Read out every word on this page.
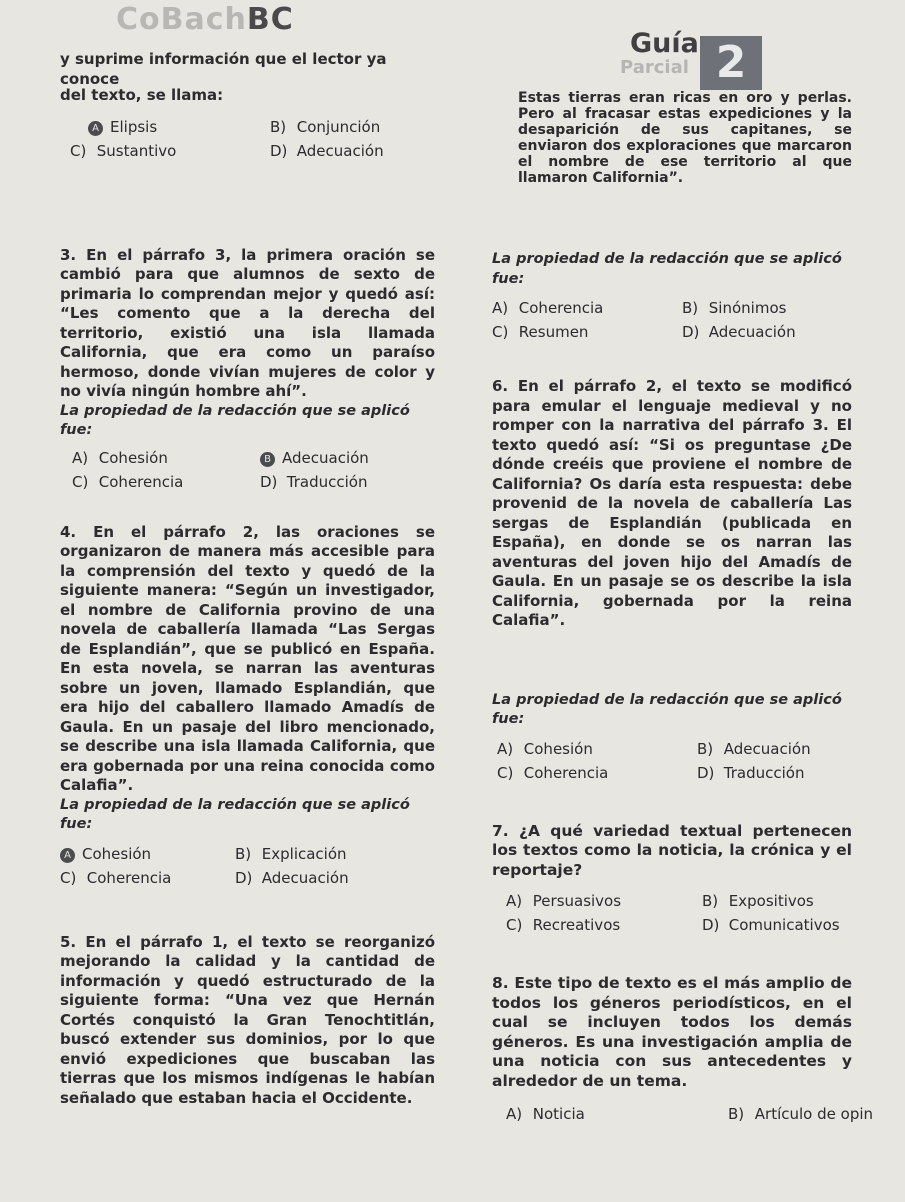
CoBachBC
Guía
Parcial 2

y suprime información que el lector ya conoce

del texto, se llama:

A Elipsis	B) Conjunción
C) Sustantivo	D) Adecuación

3. En el párrafo 3, la primera oración se cambió para que alumnos de sexto de primaria lo comprendan mejor y quedó así: “Les comento que a la derecha del territorio, existió una isla llamada California, que era como un paraíso hermoso, donde vivían mujeres de color y no vivía ningún hombre ahí”.

La propiedad de la redacción que se aplicó fue:

A) Cohesión	B Adecuación
C) Coherencia	D) Traducción

4. En el párrafo 2, las oraciones se organizaron de manera más accesible para la comprensión del texto y quedó de la siguiente manera: “Según un investigador, el nombre de California provino de una novela de caballería llamada “Las Sergas de Esplandián”, que se publicó en España. En esta novela, se narran las aventuras sobre un joven, llamado Esplandián, que era hijo del caballero llamado Amadís de Gaula. En un pasaje del libro mencionado, se describe una isla llamada California, que era gobernada por una reina conocida como Calafia”.

La propiedad de la redacción que se aplicó fue:

A Cohesión	B) Explicación
C) Coherencia	D) Adecuación

5. En el párrafo 1, el texto se reorganizó mejorando la calidad y la cantidad de información y quedó estructurado de la siguiente forma: “Una vez que Hernán Cortés conquistó la Gran Tenochtitlán, buscó extender sus dominios, por lo que envió expediciones que buscaban las tierras que los mismos indígenas le habían señalado que estaban hacia el Occidente.

Estas tierras eran ricas en oro y perlas. Pero al fracasar estas expediciones y la desaparición de sus capitanes, se enviaron dos exploraciones que marcaron el nombre de ese territorio al que llamaron California”.

La propiedad de la redacción que se aplicó fue:

A) Coherencia	B) Sinónimos
C) Resumen	D) Adecuación

6. En el párrafo 2, el texto se modificó para emular el lenguaje medieval y no romper con la narrativa del párrafo 3. El texto quedó así: “Si os preguntase ¿De dónde creéis que proviene el nombre de California? Os daría esta respuesta: debe provenid de la novela de caballería Las sergas de Esplandián (publicada en España), en donde se os narran las aventuras del joven hijo del Amadís de Gaula. En un pasaje se os describe la isla California, gobernada por la reina Calafia”.

La propiedad de la redacción que se aplicó fue:

A) Cohesión	B) Adecuación
C) Coherencia	D) Traducción

7. ¿A qué variedad textual pertenecen los textos como la noticia, la crónica y el reportaje?

A) Persuasivos	B) Expositivos
C) Recreativos	D) Comunicativos

8. Este tipo de texto es el más amplio de todos los géneros periodísticos, en el cual se incluyen todos los demás géneros. Es una investigación amplia de una noticia con sus antecedentes y alrededor de un tema.

A) Noticia	B) Artículo de opin
